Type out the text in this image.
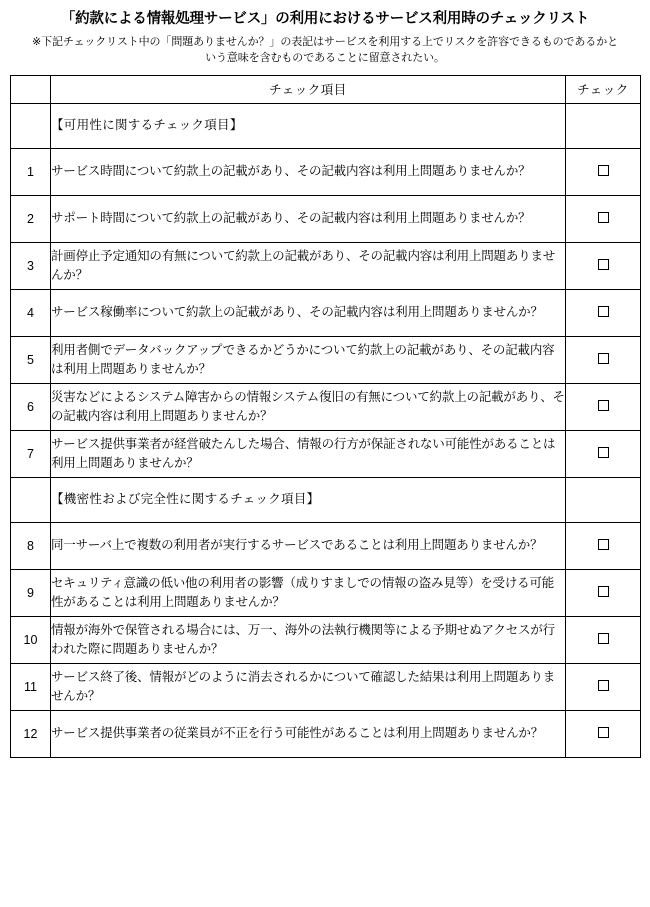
「約款による情報処理サービス」の利用におけるサービス利用時のチェックリスト
※下記チェックリスト中の「問題ありませんか？」の表記はサービスを利用する上でリスクを許容できるものであるかと
いう意味を含むものであることに留意されたい。
	チェック項目	チェック
	【可用性に関するチェック項目】	
1	サービス時間について約款上の記載があり、その記載内容は利用上問題ありませんか？	
2	サポート時間について約款上の記載があり、その記載内容は利用上問題ありませんか？	
3	計画停止予定通知の有無について約款上の記載があり、その記載内容は利用上問題ありませんか？	
4	サービス稼働率について約款上の記載があり、その記載内容は利用上問題ありませんか？	
5	利用者側でデータバックアップできるかどうかについて約款上の記載があり、その記載内容は利用上問題ありませんか？	
6	災害などによるシステム障害からの情報システム復旧の有無について約款上の記載があり、その記載内容は利用上問題ありませんか？	
7	サービス提供事業者が経営破たんした場合、情報の行方が保証されない可能性があることは利用上問題ありませんか？	
	【機密性および完全性に関するチェック項目】	
8	同一サーバ上で複数の利用者が実行するサービスであることは利用上問題ありませんか？	
9	セキュリティ意識の低い他の利用者の影響（成りすましでの情報の盗み見等）を受ける可能性があることは利用上問題ありませんか？	
10	情報が海外で保管される場合には、万一、海外の法執行機関等による予期せぬアクセスが行われた際に問題ありませんか？	
11	サービス終了後、情報がどのように消去されるかについて確認した結果は利用上問題ありませんか？	
12	サービス提供事業者の従業員が不正を行う可能性があることは利用上問題ありませんか？	
